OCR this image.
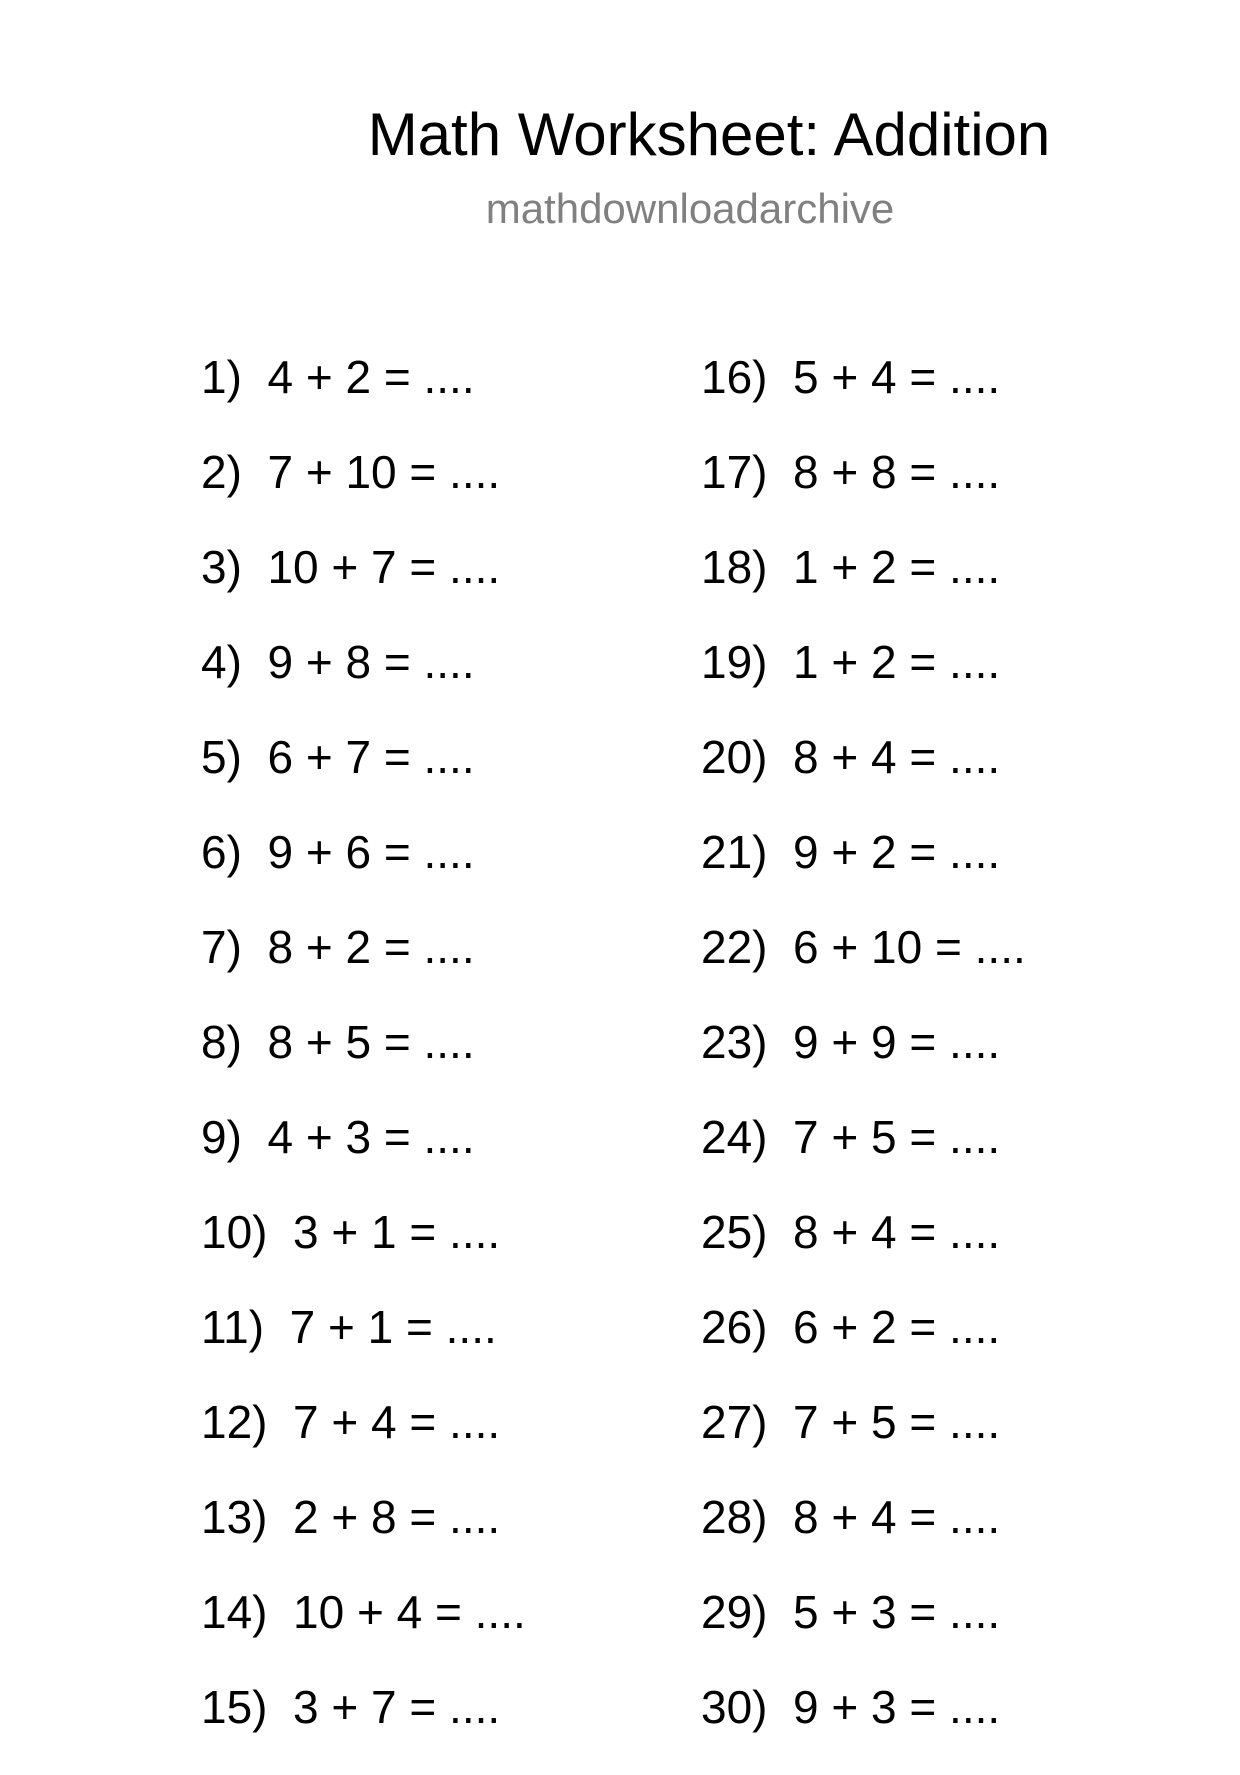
Math Worksheet: Addition
mathdownloadarchive
1)  4 + 2 = ....
2)  7 + 10 = ....
3)  10 + 7 = ....
4)  9 + 8 = ....
5)  6 + 7 = ....
6)  9 + 6 = ....
7)  8 + 2 = ....
8)  8 + 5 = ....
9)  4 + 3 = ....
10)  3 + 1 = ....
11)  7 + 1 = ....
12)  7 + 4 = ....
13)  2 + 8 = ....
14)  10 + 4 = ....
15)  3 + 7 = ....
16)  5 + 4 = ....
17)  8 + 8 = ....
18)  1 + 2 = ....
19)  1 + 2 = ....
20)  8 + 4 = ....
21)  9 + 2 = ....
22)  6 + 10 = ....
23)  9 + 9 = ....
24)  7 + 5 = ....
25)  8 + 4 = ....
26)  6 + 2 = ....
27)  7 + 5 = ....
28)  8 + 4 = ....
29)  5 + 3 = ....
30)  9 + 3 = ....
